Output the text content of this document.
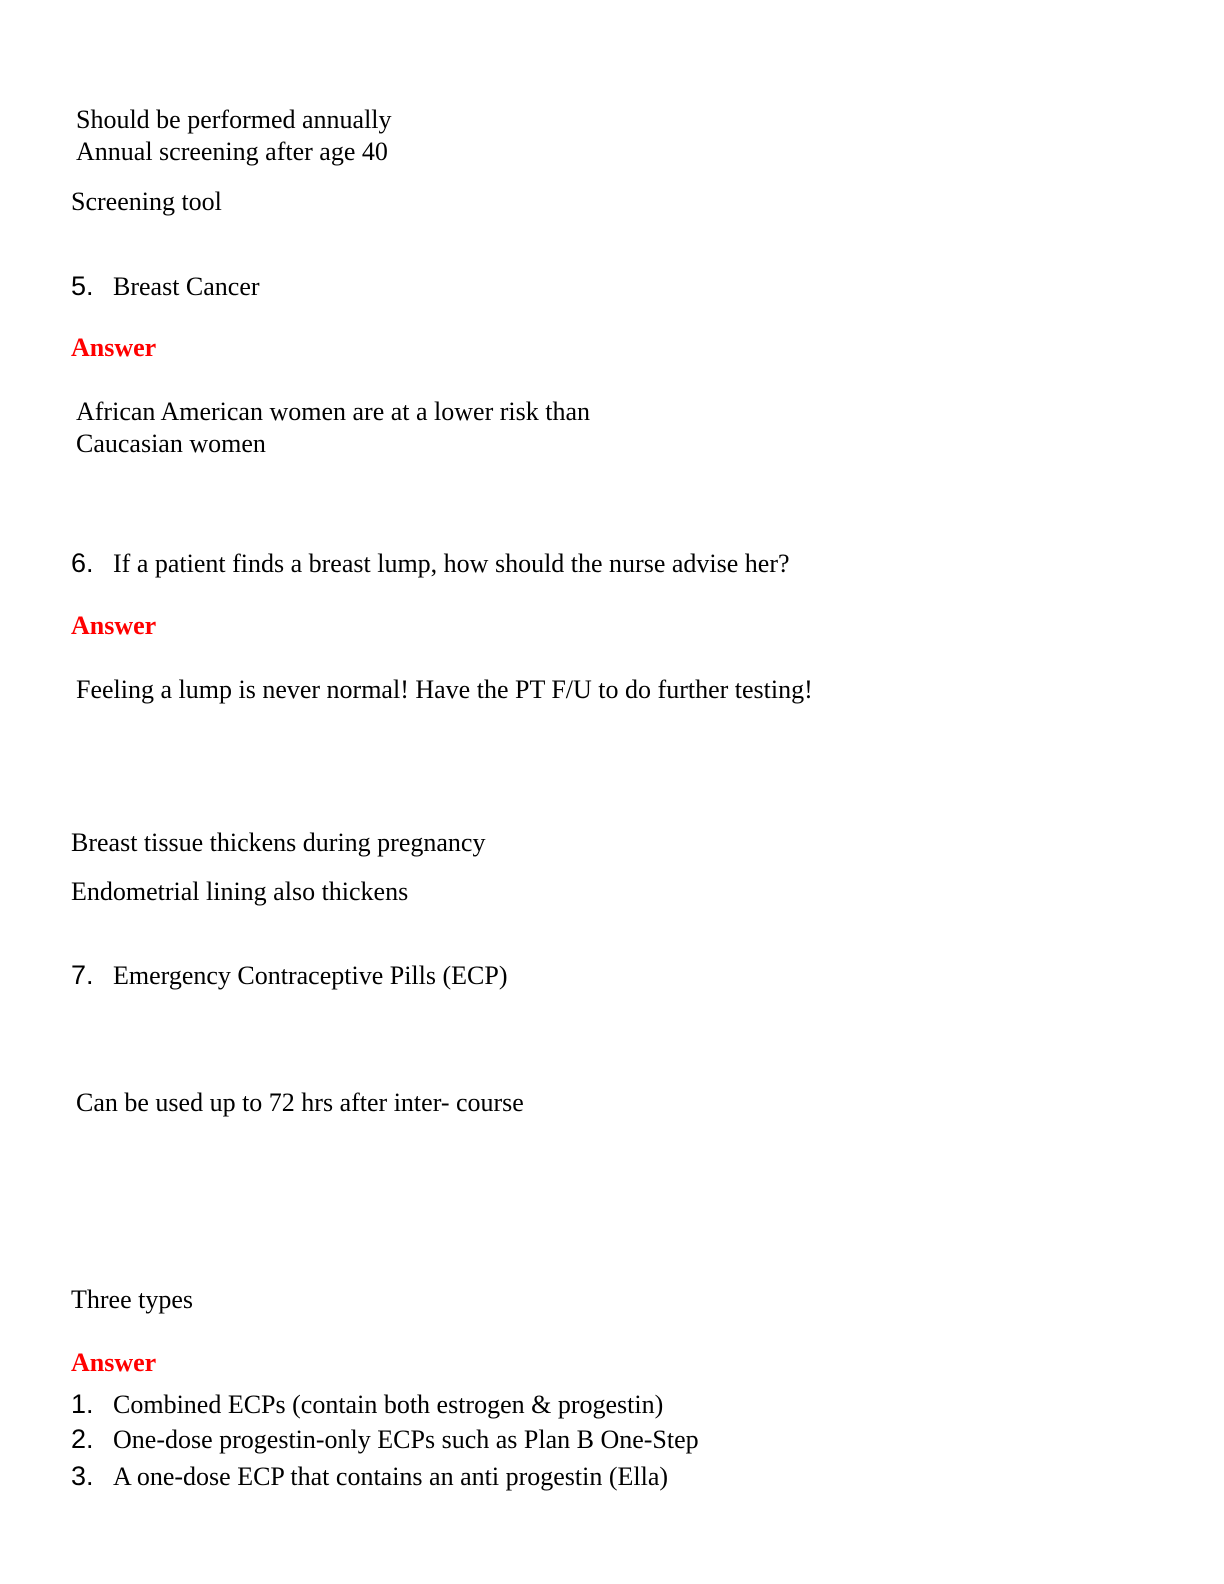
Should be performed annually
Annual screening after age 40
Screening tool
5. Breast Cancer
Answer
African American women are at a lower risk than
Caucasian women
6. If a patient finds a breast lump, how should the nurse advise her?
Answer
Feeling a lump is never normal! Have the PT F/U to do further testing!
Breast tissue thickens during pregnancy
Endometrial lining also thickens
7. Emergency Contraceptive Pills (ECP)
Can be used up to 72 hrs after inter- course
Three types
Answer
1. Combined ECPs (contain both estrogen & progestin)
2. One-dose progestin-only ECPs such as Plan B One-Step
3. A one-dose ECP that contains an anti progestin (Ella)
